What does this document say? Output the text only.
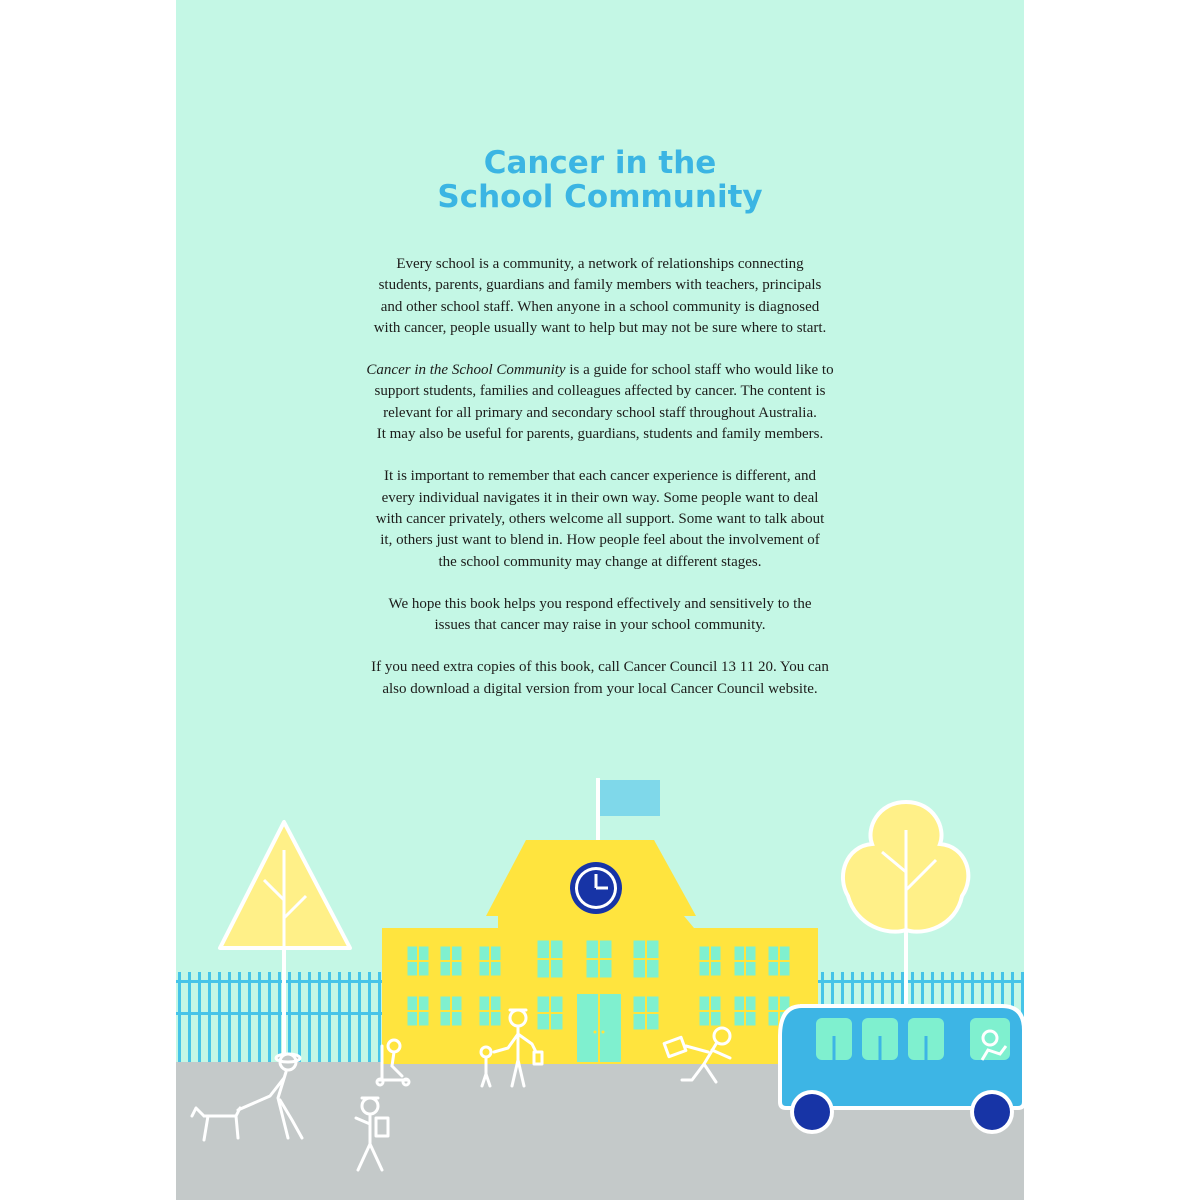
Cancer in the
School Community

Every school is a community, a network of relationships connecting
students, parents, guardians and family members with teachers, principals
and other school staff. When anyone in a school community is diagnosed
with cancer, people usually want to help but may not be sure where to start.

Cancer in the School Community is a guide for school staff who would like to
support students, families and colleagues affected by cancer. The content is
relevant for all primary and secondary school staff throughout Australia.
It may also be useful for parents, guardians, students and family members.

It is important to remember that each cancer experience is different, and
every individual navigates it in their own way. Some people want to deal
with cancer privately, others welcome all support. Some want to talk about
it, others just want to blend in. How people feel about the involvement of
the school community may change at different stages.

We hope this book helps you respond effectively and sensitively to the
issues that cancer may raise in your school community.

If you need extra copies of this book, call Cancer Council 13 11 20. You can
also download a digital version from your local Cancer Council website.
